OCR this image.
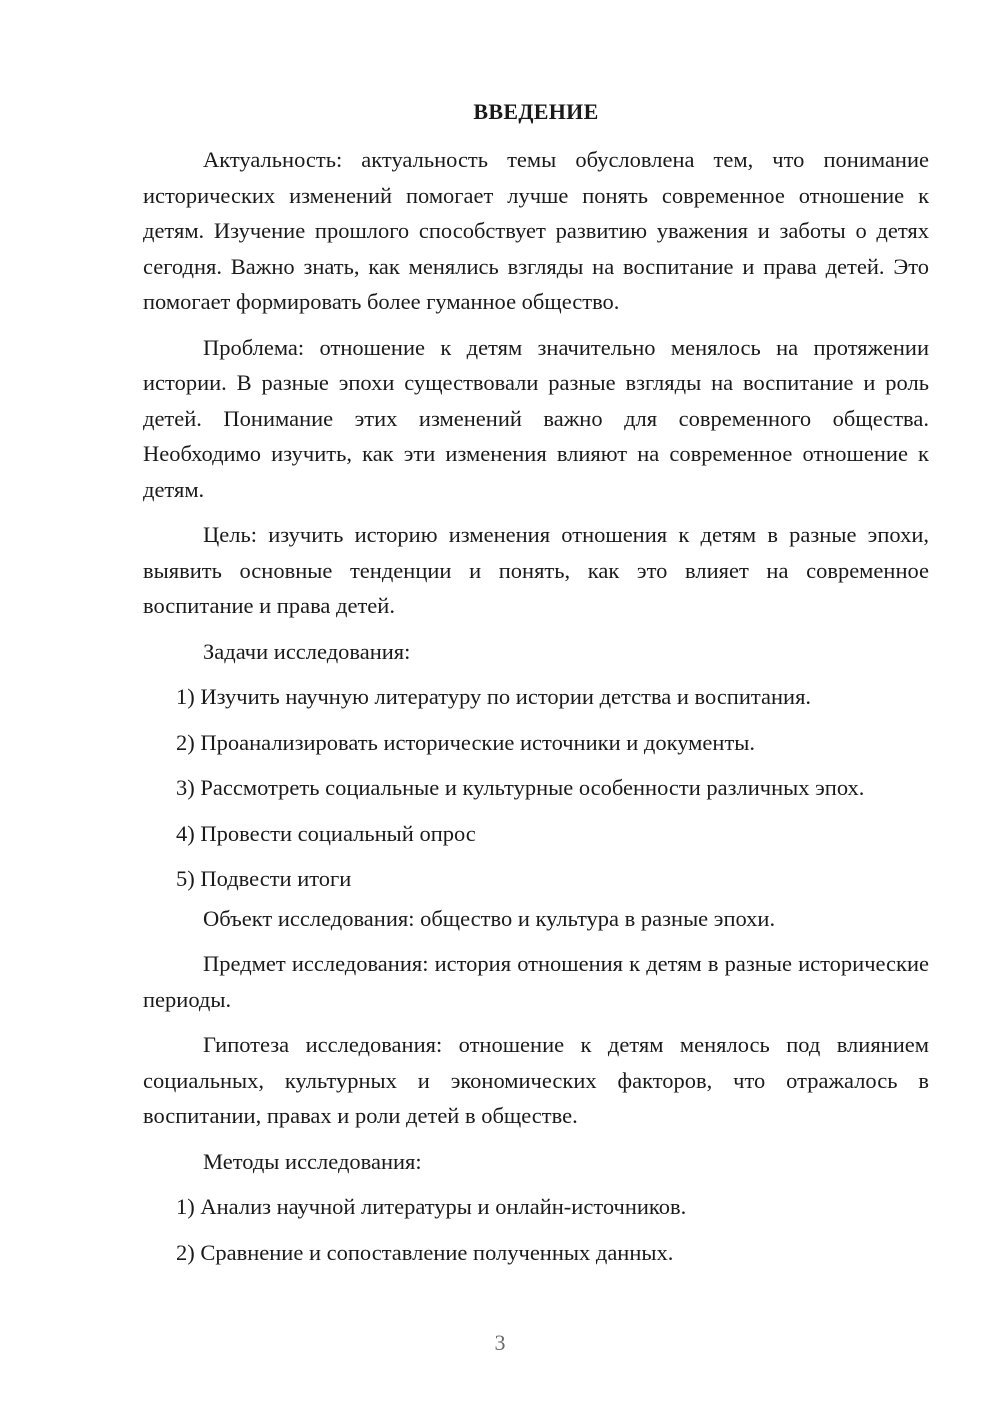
ВВЕДЕНИЕ

Актуальность: актуальность темы обусловлена тем, что понимание исторических изменений помогает лучше понять современное отношение к детям. Изучение прошлого способствует развитию уважения и заботы о детях сегодня. Важно знать, как менялись взгляды на воспитание и права детей. Это помогает формировать более гуманное общество.

Проблема: отношение к детям значительно менялось на протяжении истории. В разные эпохи существовали разные взгляды на воспитание и роль детей. Понимание этих изменений важно для современного общества. Необходимо изучить, как эти изменения влияют на современное отношение к детям.

Цель: изучить историю изменения отношения к детям в разные эпохи, выявить основные тенденции и понять, как это влияет на современное воспитание и права детей.

Задачи исследования:

1) Изучить научную литературу по истории детства и воспитания.

2) Проанализировать исторические источники и документы.

3) Рассмотреть социальные и культурные особенности различных эпох.

4) Провести социальный опрос

5) Подвести итоги

Объект исследования: общество и культура в разные эпохи.

Предмет исследования: история отношения к детям в разные исторические периоды.

Гипотеза исследования: отношение к детям менялось под влиянием социальных, культурных и экономических факторов, что отражалось в воспитании, правах и роли детей в обществе.

Методы исследования:

1) Анализ научной литературы и онлайн-источников.

2) Сравнение и сопоставление полученных данных.

3
